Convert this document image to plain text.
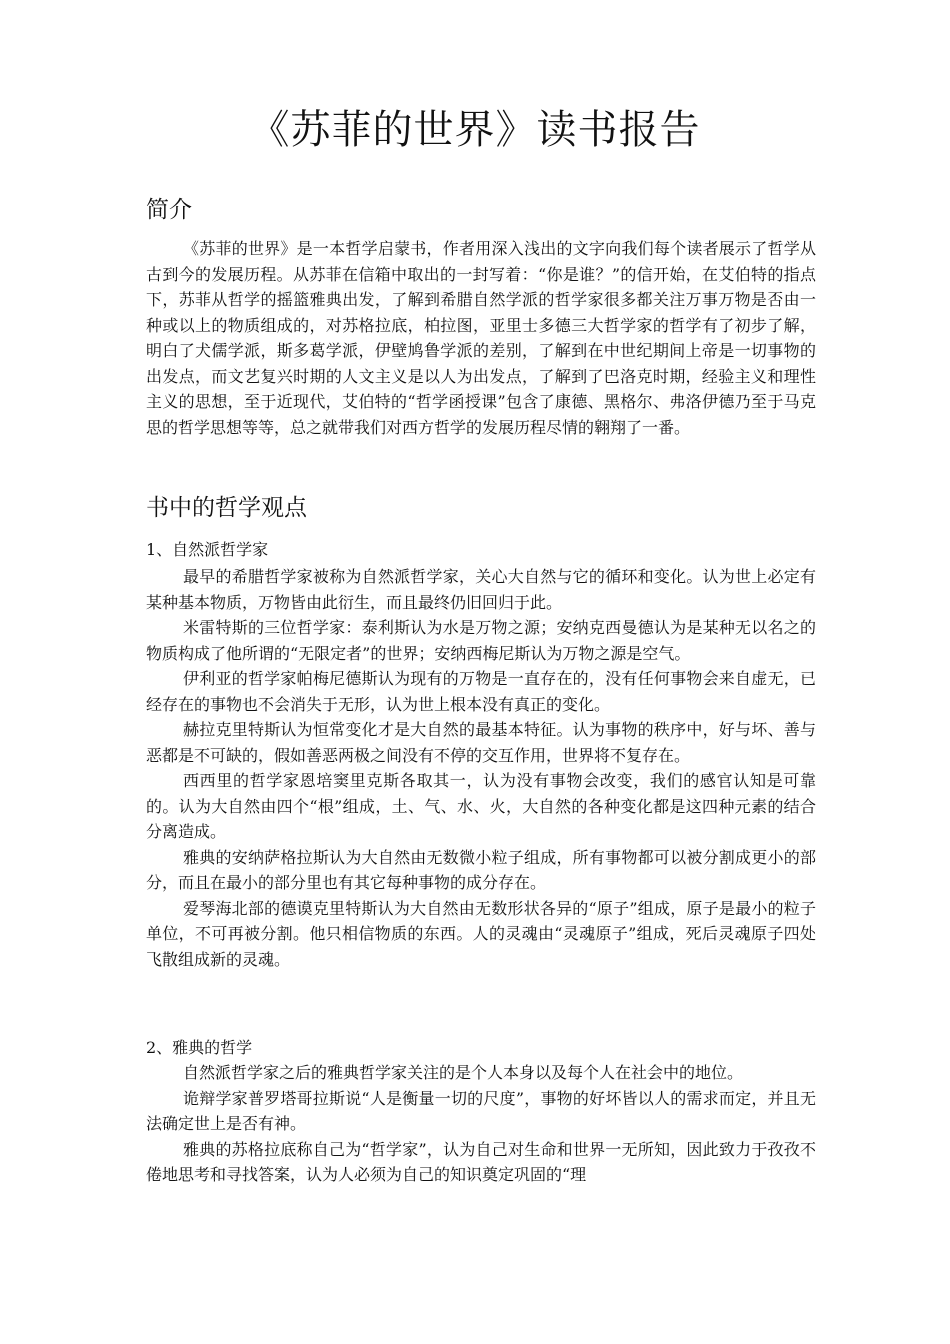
《苏菲的世界》读书报告
简介

《苏菲的世界》是一本哲学启蒙书，作者用深入浅出的文字向我们每个读者展示了哲学从古到今的发展历程。从苏菲在信箱中取出的一封写着：“你是谁？”的信开始，在艾伯特的指点下，苏菲从哲学的摇篮雅典出发，了解到希腊自然学派的哲学家很多都关注万事万物是否由一种或以上的物质组成的，对苏格拉底，柏拉图，亚里士多德三大哲学家的哲学有了初步了解，明白了犬儒学派，斯多葛学派，伊壁鸠鲁学派的差别，了解到在中世纪期间上帝是一切事物的出发点，而文艺复兴时期的人文主义是以人为出发点，了解到了巴洛克时期，经验主义和理性主义的思想，至于近现代，艾伯特的“哲学函授课”包含了康德、黑格尔、弗洛伊德乃至于马克思的哲学思想等等，总之就带我们对西方哲学的发展历程尽情的翱翔了一番。

书中的哲学观点
1、自然派哲学家

最早的希腊哲学家被称为自然派哲学家，关心大自然与它的循环和变化。认为世上必定有某种基本物质，万物皆由此衍生，而且最终仍旧回归于此。

米雷特斯的三位哲学家：泰利斯认为水是万物之源；安纳克西曼德认为是某种无以名之的物质构成了他所谓的“无限定者”的世界；安纳西梅尼斯认为万物之源是空气。

伊利亚的哲学家帕梅尼德斯认为现有的万物是一直存在的，没有任何事物会来自虚无，已经存在的事物也不会消失于无形，认为世上根本没有真正的变化。

赫拉克里特斯认为恒常变化才是大自然的最基本特征。认为事物的秩序中，好与坏、善与恶都是不可缺的，假如善恶两极之间没有不停的交互作用，世界将不复存在。

西西里的哲学家恩培窦里克斯各取其一，认为没有事物会改变，我们的感官认知是可靠的。认为大自然由四个“根”组成，土、气、水、火，大自然的各种变化都是这四种元素的结合分离造成。

雅典的安纳萨格拉斯认为大自然由无数微小粒子组成，所有事物都可以被分割成更小的部分，而且在最小的部分里也有其它每种事物的成分存在。

爱琴海北部的德谟克里特斯认为大自然由无数形状各异的“原子”组成，原子是最小的粒子单位，不可再被分割。他只相信物质的东西。人的灵魂由“灵魂原子”组成，死后灵魂原子四处飞散组成新的灵魂。

2、雅典的哲学

自然派哲学家之后的雅典哲学家关注的是个人本身以及每个人在社会中的地位。

诡辩学家普罗塔哥拉斯说“人是衡量一切的尺度”，事物的好坏皆以人的需求而定，并且无法确定世上是否有神。

雅典的苏格拉底称自己为“哲学家”，认为自己对生命和世界一无所知，因此致力于孜孜不倦地思考和寻找答案，认为人必须为自己的知识奠定巩固的“理
